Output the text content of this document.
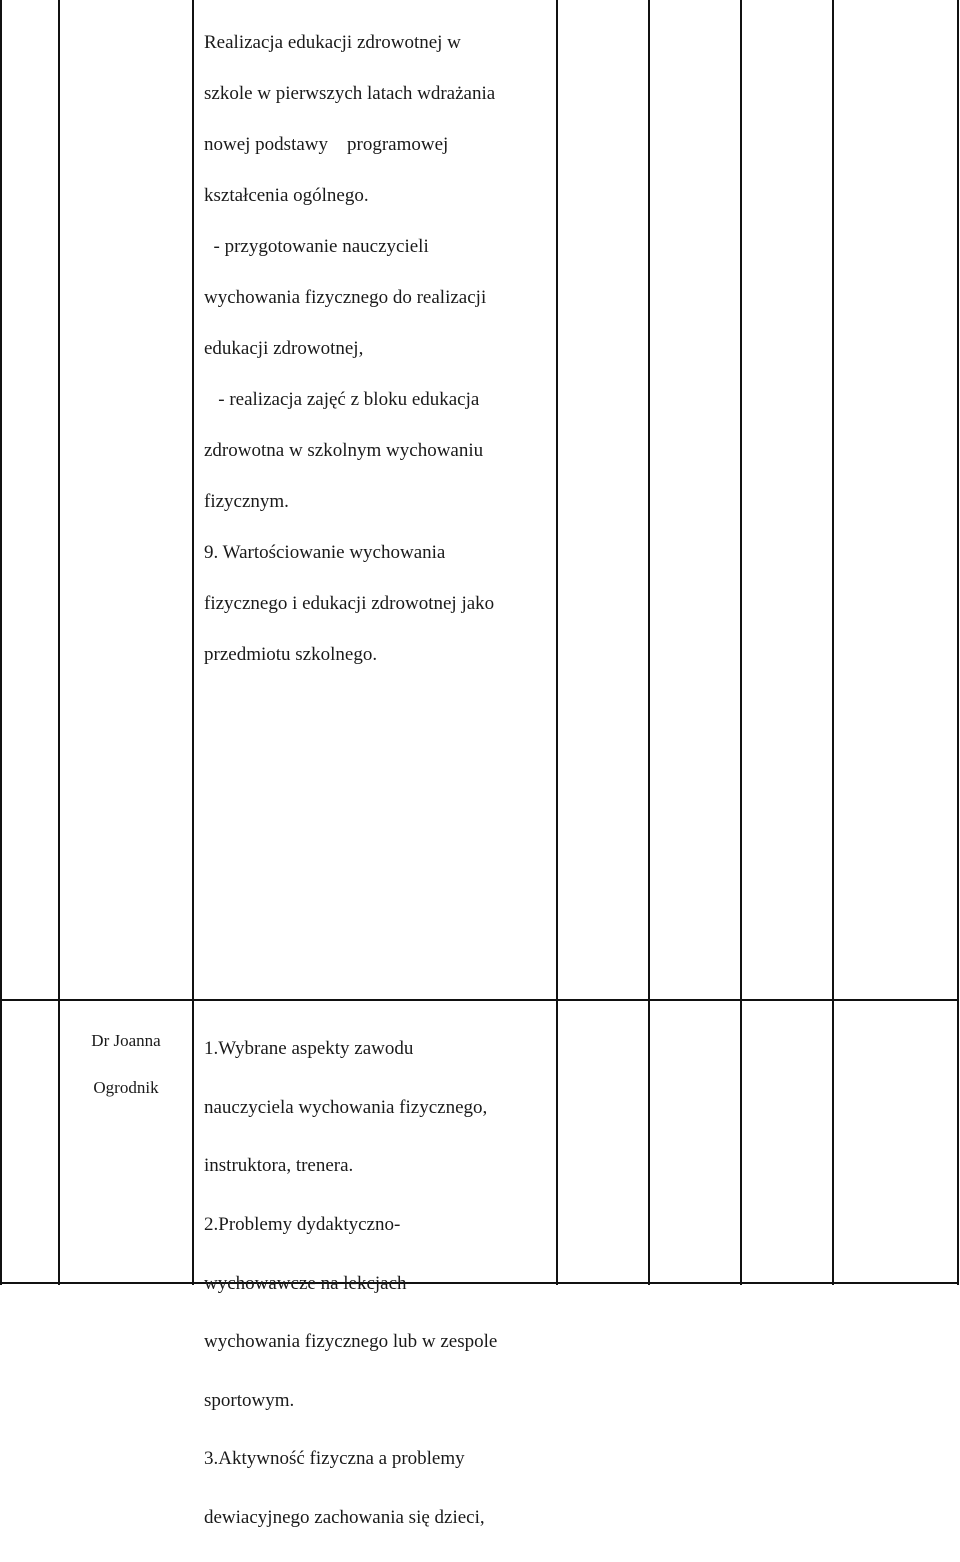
Realizacja edukacji zdrowotnej w

szkole w pierwszych latach wdrażania

nowej podstawy    programowej

kształcenia ogólnego.

- przygotowanie nauczycieli

wychowania fizycznego do realizacji

edukacji zdrowotnej,

- realizacja zajęć z bloku edukacja

zdrowotna w szkolnym wychowaniu

fizycznym.

9. Wartościowanie wychowania

fizycznego i edukacji zdrowotnej jako

przedmiotu szkolnego.

Dr Joanna

Ogrodnik

1.Wybrane aspekty zawodu

nauczyciela wychowania fizycznego,

instruktora, trenera.

2.Problemy dydaktyczno-

wychowawcze na lekcjach

wychowania fizycznego lub w zespole

sportowym.

3.Aktywność fizyczna a problemy

dewiacyjnego zachowania się dzieci,
